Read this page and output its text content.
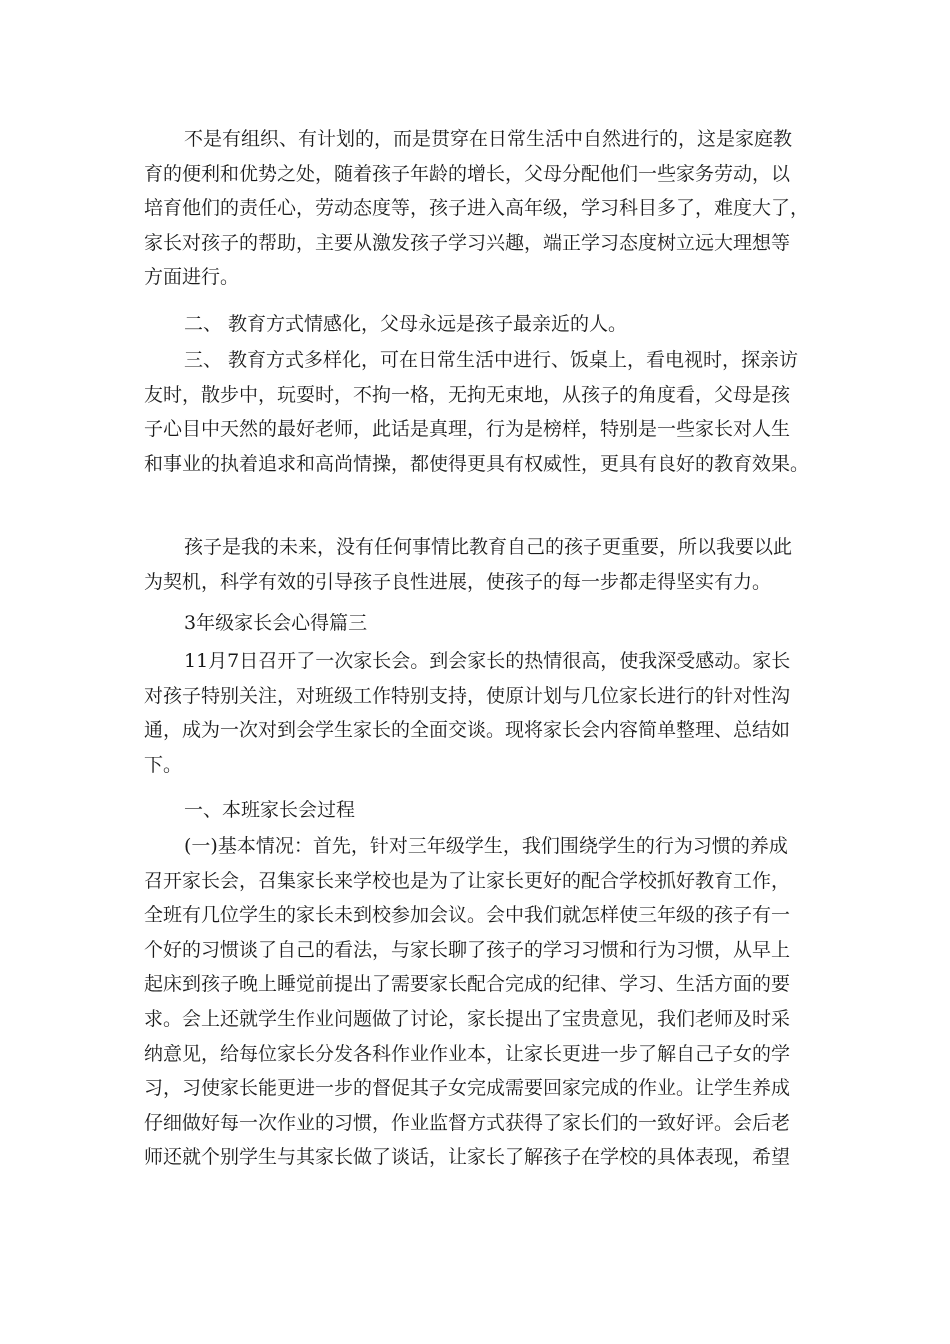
不是有组织、有计划的，而是贯穿在日常生活中自然进行的，这是家庭教
育的便利和优势之处，随着孩子年龄的增长，父母分配他们一些家务劳动，以
培育他们的责任心，劳动态度等，孩子进入高年级，学习科目多了，难度大了，
家长对孩子的帮助，主要从激发孩子学习兴趣，端正学习态度树立远大理想等
方面进行。
二、 教育方式情感化，父母永远是孩子最亲近的人。
三、 教育方式多样化，可在日常生活中进行、饭桌上，看电视时，探亲访
友时，散步中，玩耍时，不拘一格，无拘无束地，从孩子的角度看，父母是孩
子心目中天然的最好老师，此话是真理，行为是榜样，特别是一些家长对人生
和事业的执着追求和高尚情操，都使得更具有权威性，更具有良好的教育效果。
孩子是我的未来，没有任何事情比教育自己的孩子更重要，所以我要以此
为契机，科学有效的引导孩子良性进展，使孩子的每一步都走得坚实有力。
3年级家长会心得篇三
11月7日召开了一次家长会。到会家长的热情很高，使我深受感动。家长
对孩子特别关注，对班级工作特别支持，使原计划与几位家长进行的针对性沟
通，成为一次对到会学生家长的全面交谈。现将家长会内容简单整理、总结如
下。
一、本班家长会过程
(一)基本情况：首先，针对三年级学生，我们围绕学生的行为习惯的养成
召开家长会，召集家长来学校也是为了让家长更好的配合学校抓好教育工作，
全班有几位学生的家长未到校参加会议。会中我们就怎样使三年级的孩子有一
个好的习惯谈了自己的看法，与家长聊了孩子的学习习惯和行为习惯，从早上
起床到孩子晚上睡觉前提出了需要家长配合完成的纪律、学习、生活方面的要
求。会上还就学生作业问题做了讨论，家长提出了宝贵意见，我们老师及时采
纳意见，给每位家长分发各科作业作业本，让家长更进一步了解自己子女的学
习，习使家长能更进一步的督促其子女完成需要回家完成的作业。让学生养成
仔细做好每一次作业的习惯，作业监督方式获得了家长们的一致好评。会后老
师还就个别学生与其家长做了谈话，让家长了解孩子在学校的具体表现，希望
